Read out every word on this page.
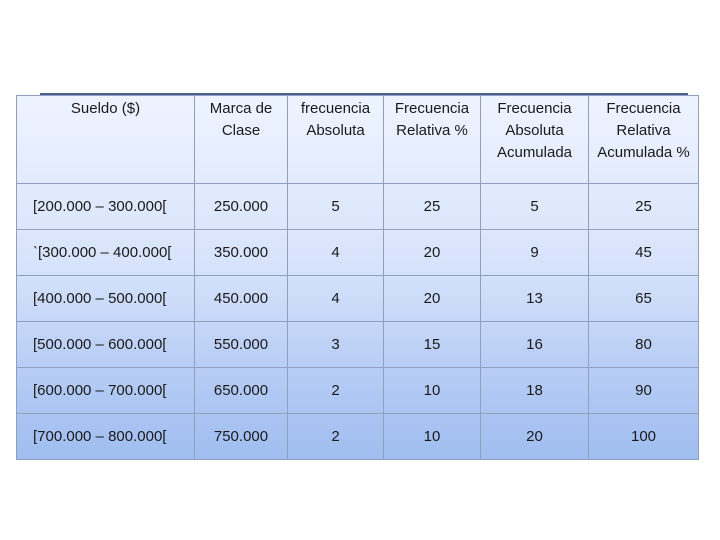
Sueldo ($)	Marca de Clase	frecuencia Absoluta	Frecuencia Relativa %	Frecuencia Absoluta Acumulada	Frecuencia Relativa Acumulada %
[200.000 – 300.000[	250.000	5	25	5	25
`[300.000 – 400.000[	350.000	4	20	9	45
[400.000 – 500.000[	450.000	4	20	13	65
[500.000 – 600.000[	550.000	3	15	16	80
[600.000 – 700.000[	650.000	2	10	18	90
[700.000 – 800.000[	750.000	2	10	20	100
